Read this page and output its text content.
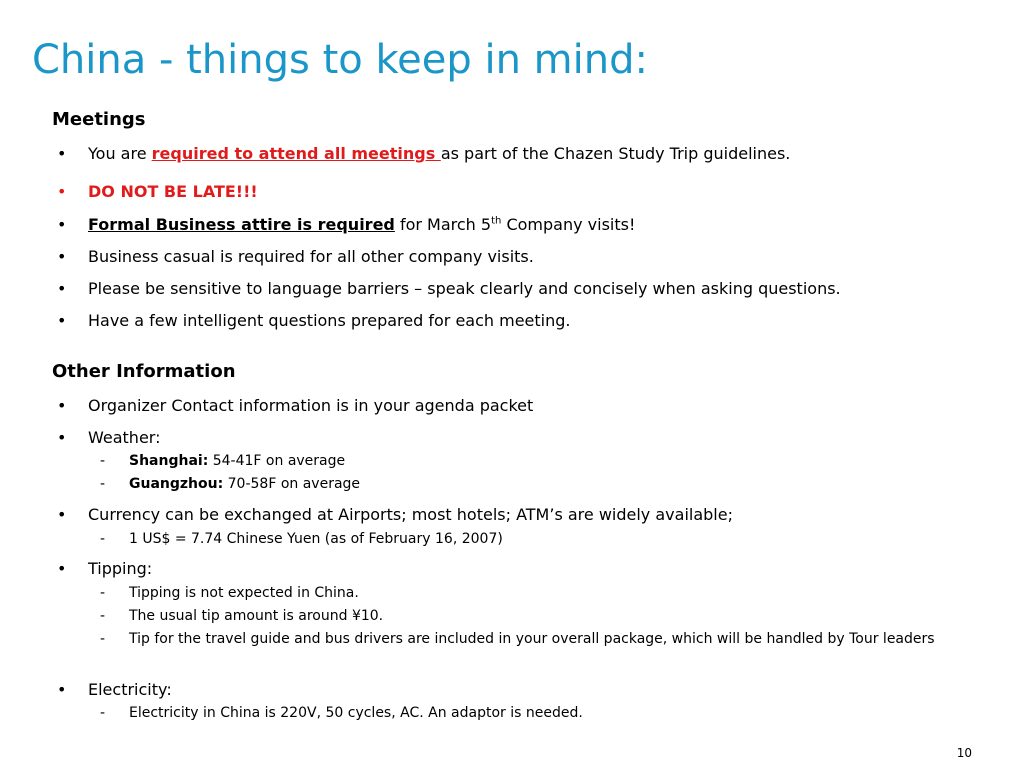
China - things to keep in mind:
Meetings
• You are required to attend all meetings as part of the Chazen Study Trip guidelines.
• DO NOT BE LATE!!!
• Formal Business attire is required for March 5th Company visits!
• Business casual is required for all other company visits.
• Please be sensitive to language barriers – speak clearly and concisely when asking questions.
• Have a few intelligent questions prepared for each meeting.
Other Information
• Organizer Contact information is in your agenda packet
• Weather:
- Shanghai: 54-41F on average
- Guangzhou: 70-58F on average
• Currency can be exchanged at Airports; most hotels; ATM’s are widely available;
- 1 US$ = 7.74 Chinese Yuen (as of February 16, 2007)
• Tipping:
- Tipping is not expected in China.
- The usual tip amount is around ¥10.
- Tip for the travel guide and bus drivers are included in your overall package, which will be handled by Tour leaders
• Electricity:
- Electricity in China is 220V, 50 cycles, AC. An adaptor is needed.
10
